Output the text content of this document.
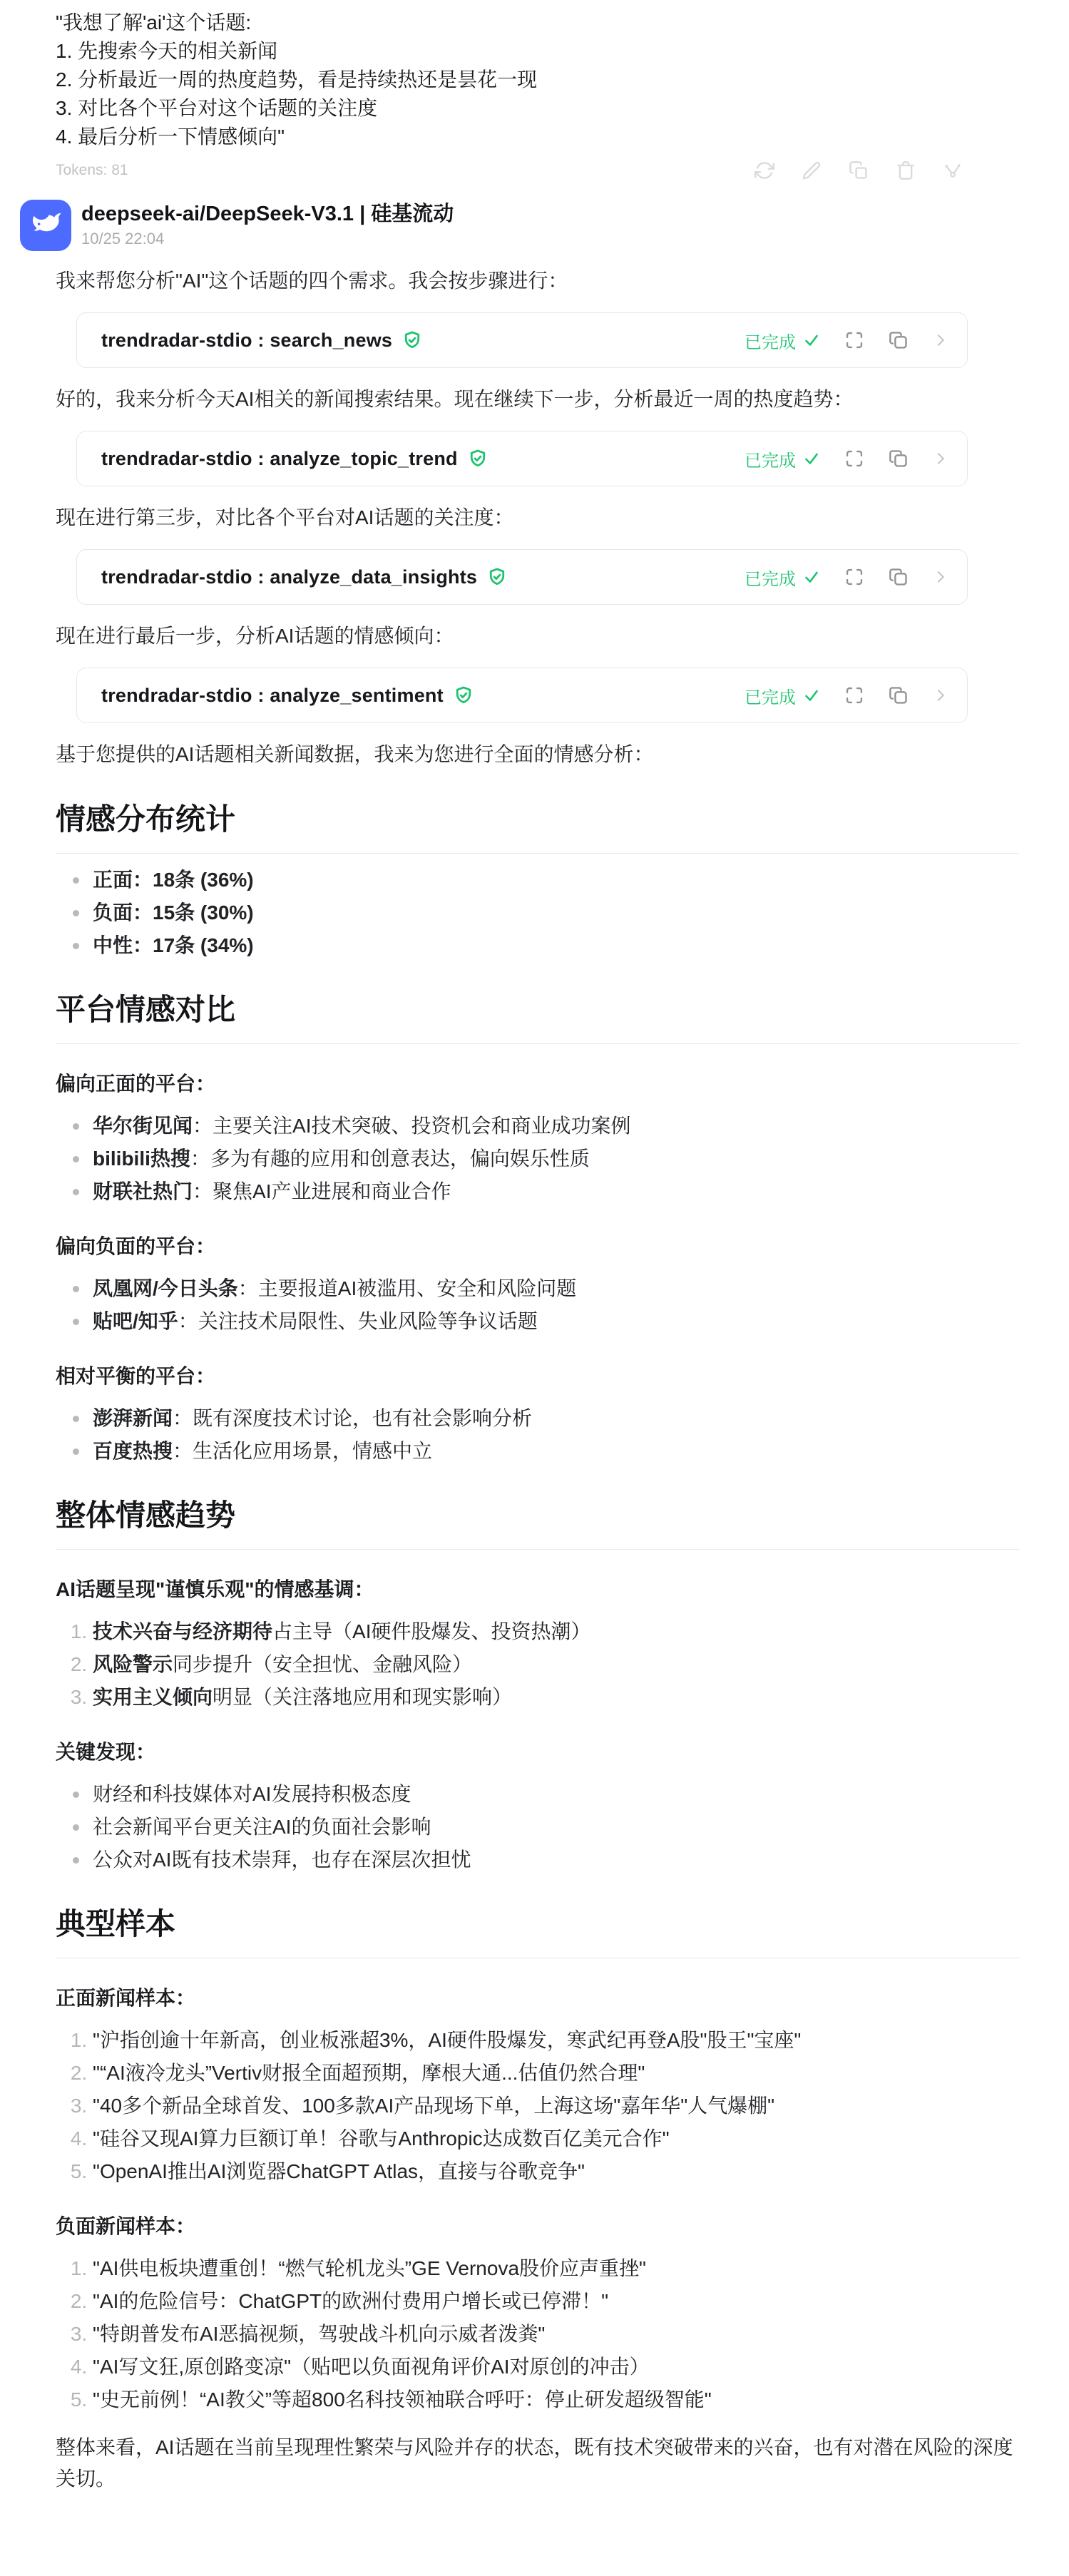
"我想了解'ai'这个话题:
1. 先搜索今天的相关新闻
2. 分析最近一周的热度趋势，看是持续热还是昙花一现
3. 对比各个平台对这个话题的关注度
4. 最后分析一下情感倾向"
Tokens: 81
deepseek-ai/DeepSeek-V3.1 | 硅基流动
10/25 22:04

我来帮您分析"AI"这个话题的四个需求。我会按步骤进行：

trendradar-stdio : search_news	已完成

好的，我来分析今天AI相关的新闻搜索结果。现在继续下一步，分析最近一周的热度趋势：

trendradar-stdio : analyze_topic_trend	已完成

现在进行第三步，对比各个平台对AI话题的关注度：

trendradar-stdio : analyze_data_insights	已完成

现在进行最后一步，分析AI话题的情感倾向：

trendradar-stdio : analyze_sentiment	已完成

基于您提供的AI话题相关新闻数据，我来为您进行全面的情感分析：

情感分布统计
正面：18条 (36%)
负面：15条 (30%)
中性：17条 (34%)
平台情感对比

偏向正面的平台：

华尔街见闻：主要关注AI技术突破、投资机会和商业成功案例
bilibili热搜：多为有趣的应用和创意表达，偏向娱乐性质
财联社热门：聚焦AI产业进展和商业合作

偏向负面的平台：

凤凰网/今日头条：主要报道AI被滥用、安全和风险问题
贴吧/知乎：关注技术局限性、失业风险等争议话题

相对平衡的平台：

澎湃新闻：既有深度技术讨论，也有社会影响分析
百度热搜：生活化应用场景，情感中立
整体情感趋势

AI话题呈现"谨慎乐观"的情感基调：

1. 技术兴奋与经济期待占主导（AI硬件股爆发、投资热潮）
2. 风险警示同步提升（安全担忧、金融风险）
3. 实用主义倾向明显（关注落地应用和现实影响）

关键发现：

财经和科技媒体对AI发展持积极态度
社会新闻平台更关注AI的负面社会影响
公众对AI既有技术崇拜，也存在深层次担忧
典型样本

正面新闻样本：

1. "沪指创逾十年新高，创业板涨超3%，AI硬件股爆发，寒武纪再登A股"股王"宝座"
2. "“AI液冷龙头”Vertiv财报全面超预期，摩根大通...估值仍然合理"
3. "40多个新品全球首发、100多款AI产品现场下单，上海这场"嘉年华"人气爆棚"
4. "硅谷又现AI算力巨额订单！谷歌与Anthropic达成数百亿美元合作"
5. "OpenAI推出AI浏览器ChatGPT Atlas，直接与谷歌竞争"

负面新闻样本：

1. "AI供电板块遭重创！“燃气轮机龙头”GE Vernova股价应声重挫"
2. "AI的危险信号：ChatGPT的欧洲付费用户增长或已停滞！"
3. "特朗普发布AI恶搞视频，驾驶战斗机向示威者泼粪"
4. "AI写文狂,原创路变凉"（贴吧以负面视角评价AI对原创的冲击）
5. "史无前例！“AI教父”等超800名科技领袖联合呼吁：停止研发超级智能"

整体来看，AI话题在当前呈现理性繁荣与风险并存的状态，既有技术突破带来的兴奋，也有对潜在风险的深度关切。
